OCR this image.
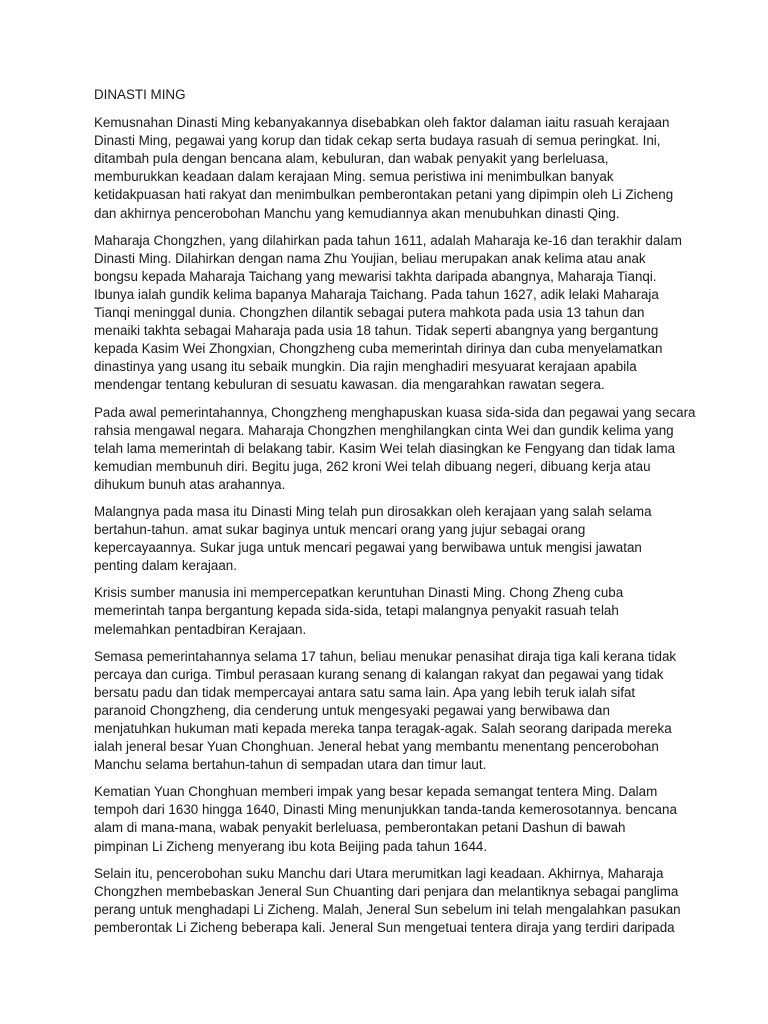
DINASTI MING

Kemusnahan Dinasti Ming kebanyakannya disebabkan oleh faktor dalaman iaitu rasuah kerajaan
Dinasti Ming, pegawai yang korup dan tidak cekap serta budaya rasuah di semua peringkat. Ini,
ditambah pula dengan bencana alam, kebuluran, dan wabak penyakit yang berleluasa,
memburukkan keadaan dalam kerajaan Ming. semua peristiwa ini menimbulkan banyak
ketidakpuasan hati rakyat dan menimbulkan pemberontakan petani yang dipimpin oleh Li Zicheng
dan akhirnya pencerobohan Manchu yang kemudiannya akan menubuhkan dinasti Qing.

Maharaja Chongzhen, yang dilahirkan pada tahun 1611, adalah Maharaja ke-16 dan terakhir dalam
Dinasti Ming. Dilahirkan dengan nama Zhu Youjian, beliau merupakan anak kelima atau anak
bongsu kepada Maharaja Taichang yang mewarisi takhta daripada abangnya, Maharaja Tianqi.
Ibunya ialah gundik kelima bapanya Maharaja Taichang. Pada tahun 1627, adik lelaki Maharaja
Tianqi meninggal dunia. Chongzhen dilantik sebagai putera mahkota pada usia 13 tahun dan
menaiki takhta sebagai Maharaja pada usia 18 tahun. Tidak seperti abangnya yang bergantung
kepada Kasim Wei Zhongxian, Chongzheng cuba memerintah dirinya dan cuba menyelamatkan
dinastinya yang usang itu sebaik mungkin. Dia rajin menghadiri mesyuarat kerajaan apabila
mendengar tentang kebuluran di sesuatu kawasan. dia mengarahkan rawatan segera.

Pada awal pemerintahannya, Chongzheng menghapuskan kuasa sida-sida dan pegawai yang secara
rahsia mengawal negara. Maharaja Chongzhen menghilangkan cinta Wei dan gundik kelima yang
telah lama memerintah di belakang tabir. Kasim Wei telah diasingkan ke Fengyang dan tidak lama
kemudian membunuh diri. Begitu juga, 262 kroni Wei telah dibuang negeri, dibuang kerja atau
dihukum bunuh atas arahannya.

Malangnya pada masa itu Dinasti Ming telah pun dirosakkan oleh kerajaan yang salah selama
bertahun-tahun. amat sukar baginya untuk mencari orang yang jujur sebagai orang
kepercayaannya. Sukar juga untuk mencari pegawai yang berwibawa untuk mengisi jawatan
penting dalam kerajaan.

Krisis sumber manusia ini mempercepatkan keruntuhan Dinasti Ming. Chong Zheng cuba
memerintah tanpa bergantung kepada sida-sida, tetapi malangnya penyakit rasuah telah
melemahkan pentadbiran Kerajaan.

Semasa pemerintahannya selama 17 tahun, beliau menukar penasihat diraja tiga kali kerana tidak
percaya dan curiga. Timbul perasaan kurang senang di kalangan rakyat dan pegawai yang tidak
bersatu padu dan tidak mempercayai antara satu sama lain. Apa yang lebih teruk ialah sifat
paranoid Chongzheng, dia cenderung untuk mengesyaki pegawai yang berwibawa dan
menjatuhkan hukuman mati kepada mereka tanpa teragak-agak. Salah seorang daripada mereka
ialah jeneral besar Yuan Chonghuan. Jeneral hebat yang membantu menentang pencerobohan
Manchu selama bertahun-tahun di sempadan utara dan timur laut.

Kematian Yuan Chonghuan memberi impak yang besar kepada semangat tentera Ming. Dalam
tempoh dari 1630 hingga 1640, Dinasti Ming menunjukkan tanda-tanda kemerosotannya. bencana
alam di mana-mana, wabak penyakit berleluasa, pemberontakan petani Dashun di bawah
pimpinan Li Zicheng menyerang ibu kota Beijing pada tahun 1644.

Selain itu, pencerobohan suku Manchu dari Utara merumitkan lagi keadaan. Akhirnya, Maharaja
Chongzhen membebaskan Jeneral Sun Chuanting dari penjara dan melantiknya sebagai panglima
perang untuk menghadapi Li Zicheng. Malah, Jeneral Sun sebelum ini telah mengalahkan pasukan
pemberontak Li Zicheng beberapa kali. Jeneral Sun mengetuai tentera diraja yang terdiri daripada
